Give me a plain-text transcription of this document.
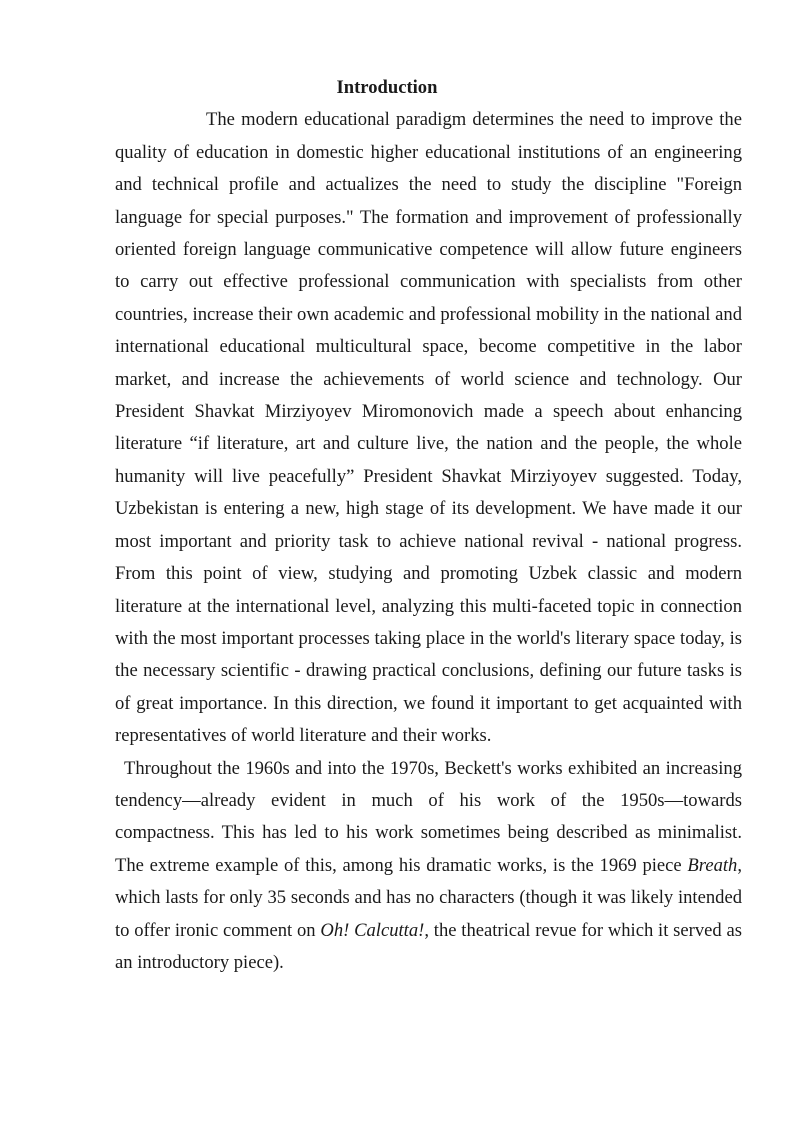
Introduction

The modern educational paradigm determines the need to improve the quality of education in domestic higher educational institutions of an engineering and technical profile and actualizes the need to study the discipline "Foreign language for special purposes." The formation and improvement of professionally oriented foreign language communicative competence will allow future engineers to carry out effective professional communication with specialists from other countries, increase their own academic and professional mobility in the national and international educational multicultural space, become competitive in the labor market, and increase the achievements of world science and technology. Our President Shavkat Mirziyoyev Miromonovich made a speech about enhancing literature “if literature, art and culture live, the nation and the people, the whole humanity will live peacefully” President Shavkat Mirziyoyev suggested. Today, Uzbekistan is entering a new, high stage of its development. We have made it our most important and priority task to achieve national revival - national progress. From this point of view, studying and promoting Uzbek classic and modern literature at the international level, analyzing this multi-faceted topic in connection with the most important processes taking place in the world's literary space today, is the necessary scientific - drawing practical conclusions, defining our future tasks is of great importance. In this direction, we found it important to get acquainted with representatives of world literature and their works.

Throughout the 1960s and into the 1970s, Beckett's works exhibited an increasing tendency—already evident in much of his work of the 1950s—towards compactness. This has led to his work sometimes being described as minimalist. The extreme example of this, among his dramatic works, is the 1969 piece Breath, which lasts for only 35 seconds and has no characters (though it was likely intended to offer ironic comment on Oh! Calcutta!, the theatrical revue for which it served as an introductory piece).
